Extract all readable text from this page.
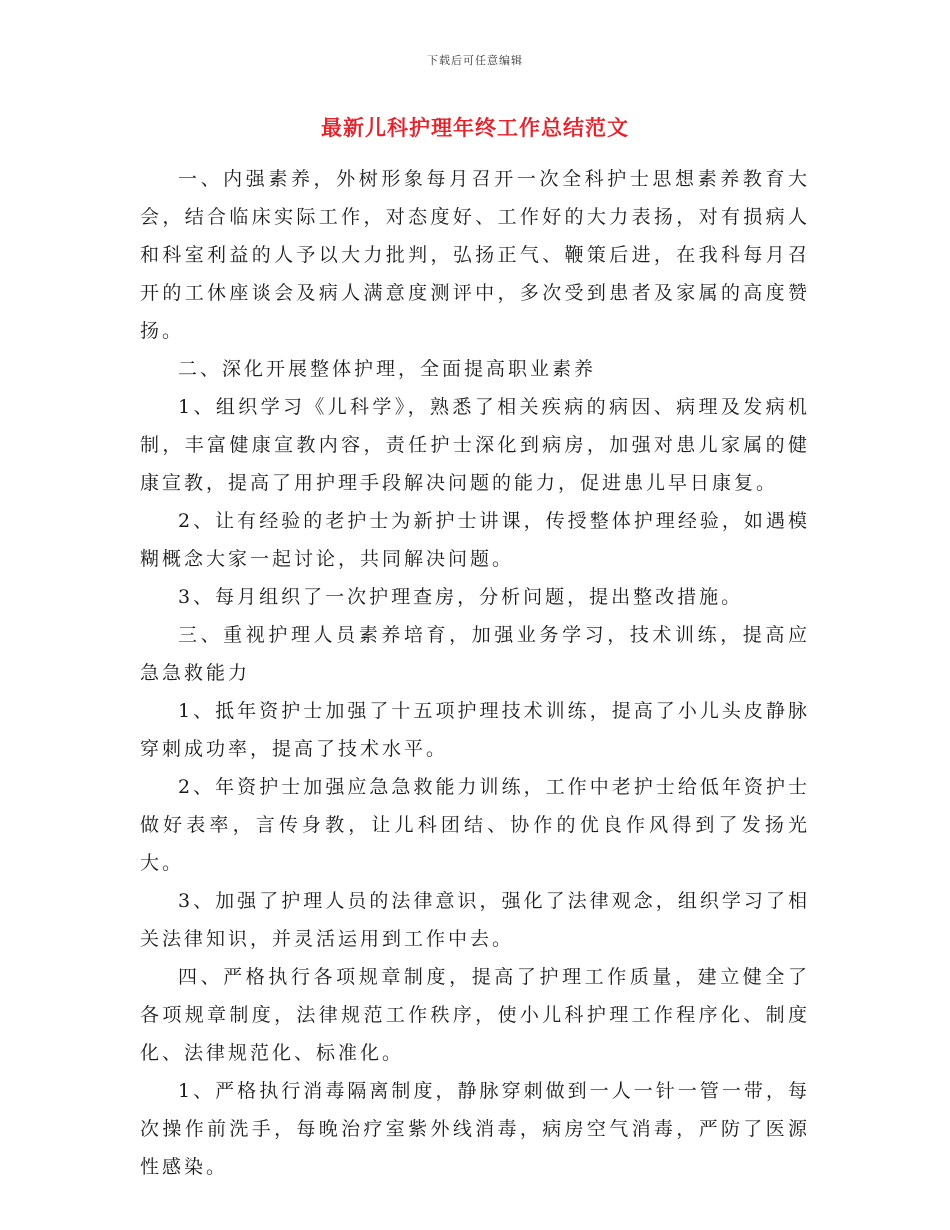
下载后可任意编辑
最新儿科护理年终工作总结范文

一、内强素养，外树形象每月召开一次全科护士思想素养教育大会，结合临床实际工作，对态度好、工作好的大力表扬，对有损病人和科室利益的人予以大力批判，弘扬正气、鞭策后进，在我科每月召开的工休座谈会及病人满意度测评中，多次受到患者及家属的高度赞扬。

二、深化开展整体护理，全面提高职业素养

1、组织学习《儿科学》，熟悉了相关疾病的病因、病理及发病机制，丰富健康宣教内容，责任护士深化到病房，加强对患儿家属的健康宣教，提高了用护理手段解决问题的能力，促进患儿早日康复。

2、让有经验的老护士为新护士讲课，传授整体护理经验，如遇模糊概念大家一起讨论，共同解决问题。

3、每月组织了一次护理查房，分析问题，提出整改措施。

三、重视护理人员素养培育，加强业务学习，技术训练，提高应急急救能力

1、抵年资护士加强了十五项护理技术训练，提高了小儿头皮静脉穿刺成功率，提高了技术水平。

2、年资护士加强应急急救能力训练，工作中老护士给低年资护士做好表率，言传身教，让儿科团结、协作的优良作风得到了发扬光大。

3、加强了护理人员的法律意识，强化了法律观念，组织学习了相关法律知识，并灵活运用到工作中去。

四、严格执行各项规章制度，提高了护理工作质量，建立健全了各项规章制度，法律规范工作秩序，使小儿科护理工作程序化、制度化、法律规范化、标准化。

1、严格执行消毒隔离制度，静脉穿刺做到一人一针一管一带，每次操作前洗手，每晚治疗室紫外线消毒，病房空气消毒，严防了医源性感染。
